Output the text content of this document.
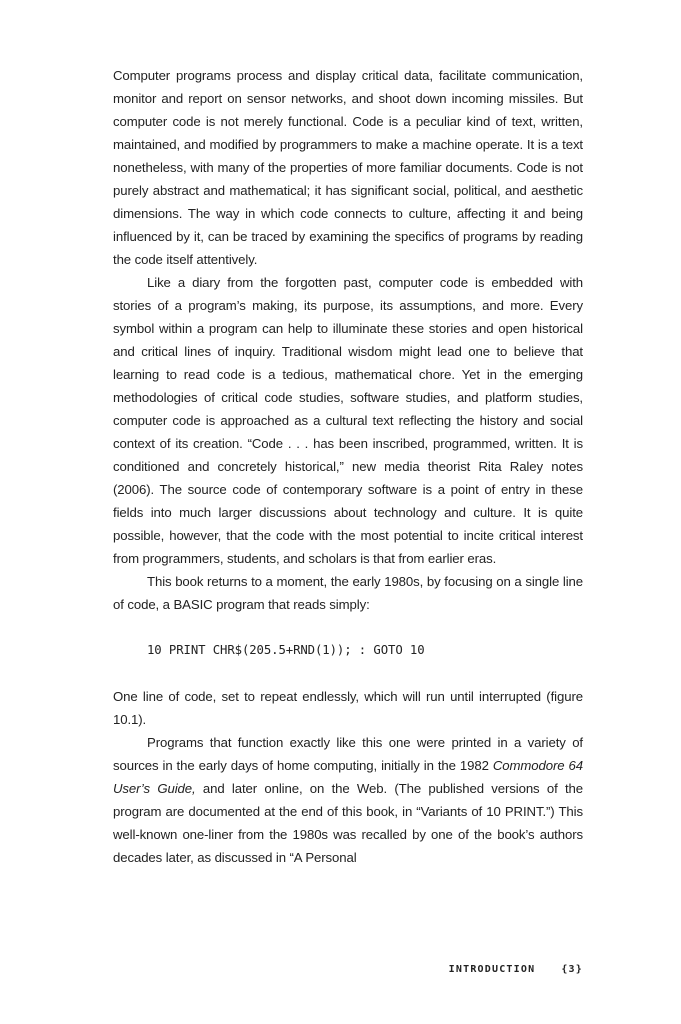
Computer programs process and display critical data, facilitate communication, monitor and report on sensor networks, and shoot down incoming missiles. But computer code is not merely functional. Code is a peculiar kind of text, written, maintained, and modified by programmers to make a machine operate. It is a text nonetheless, with many of the properties of more familiar documents. Code is not purely abstract and mathematical; it has significant social, political, and aesthetic dimensions. The way in which code connects to culture, affecting it and being influenced by it, can be traced by examining the specifics of programs by reading the code itself attentively.

Like a diary from the forgotten past, computer code is embedded with stories of a program’s making, its purpose, its assumptions, and more. Every symbol within a program can help to illuminate these stories and open historical and critical lines of inquiry. Traditional wisdom might lead one to believe that learning to read code is a tedious, mathematical chore. Yet in the emerging methodologies of critical code studies, software studies, and platform studies, computer code is approached as a cultural text reflecting the history and social context of its creation. “Code . . . has been inscribed, programmed, written. It is conditioned and concretely historical,” new media theorist Rita Raley notes (2006). The source code of contemporary software is a point of entry in these fields into much larger discussions about technology and culture. It is quite possible, however, that the code with the most potential to incite critical interest from programmers, students, and scholars is that from earlier eras.

This book returns to a moment, the early 1980s, by focusing on a single line of code, a BASIC program that reads simply:

10 PRINT CHR$(205.5+RND(1)); : GOTO 10

One line of code, set to repeat endlessly, which will run until interrupted (figure 10.1).

Programs that function exactly like this one were printed in a variety of sources in the early days of home computing, initially in the 1982 Commodore 64 User’s Guide, and later online, on the Web. (The published versions of the program are documented at the end of this book, in “Variants of 10 PRINT.”) This well-known one-liner from the 1980s was recalled by one of the book’s authors decades later, as discussed in “A Personal

INTRODUCTION	{3}
